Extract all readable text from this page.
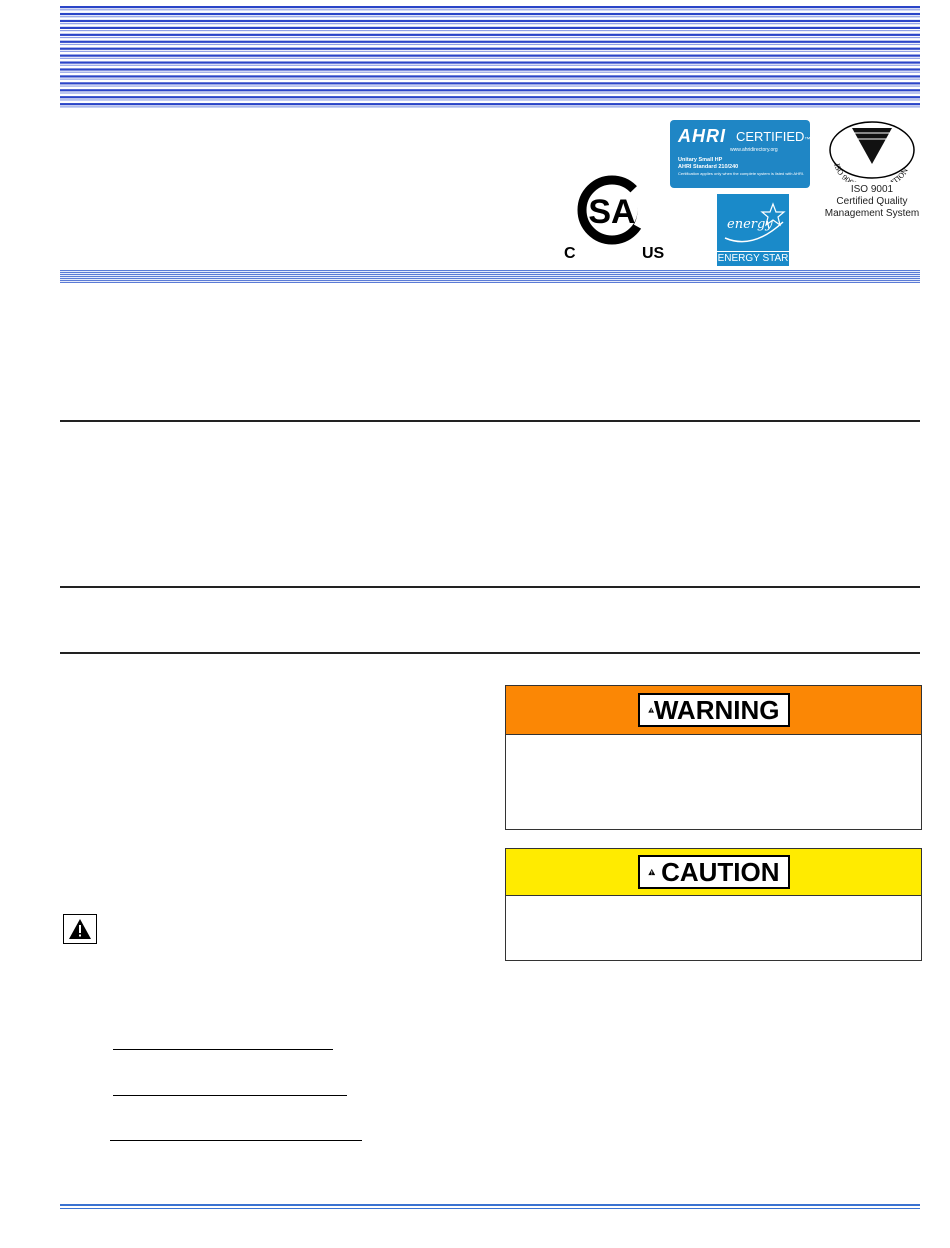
SA
C	US
AHRI CERTIFIED™
www.ahridirectory.org
Unitary Small HP
AHRI Standard 210/240
Certification applies only when the complete system is listed with AHRI.
energy
ENERGY STAR
ISO 90 TION
ISO 9001
Certified Quality
Management System
WARNING
CAUTION
